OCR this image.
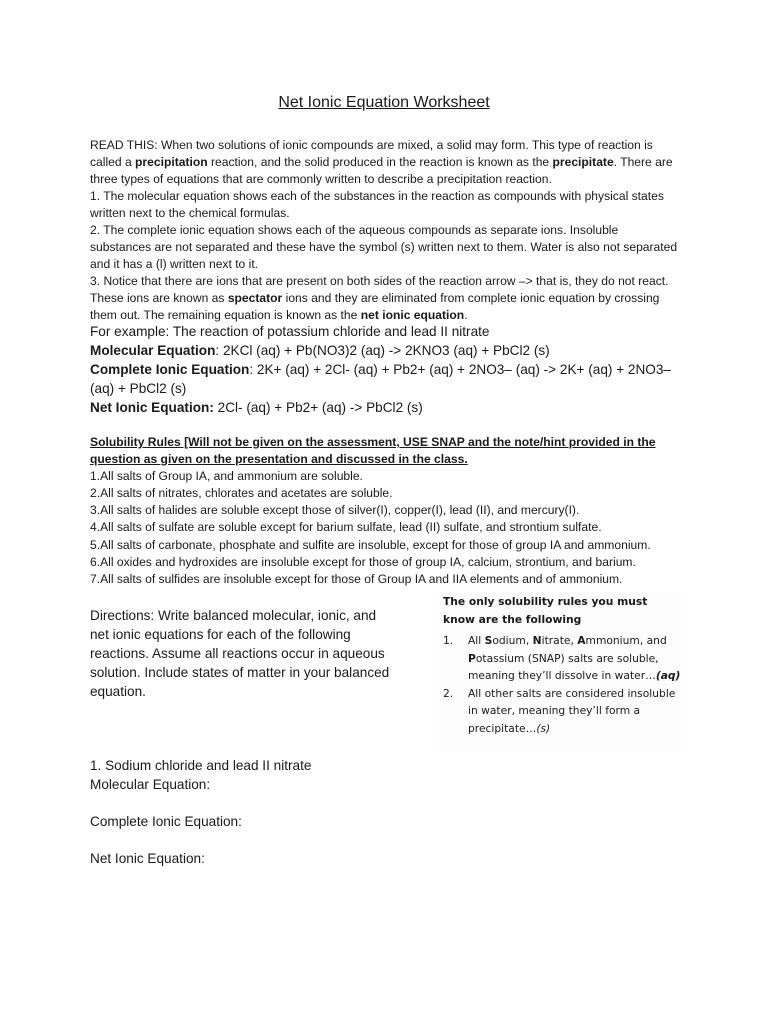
Net Ionic Equation Worksheet

READ THIS: When two solutions of ionic compounds are mixed, a solid may form. This type of reaction is called a precipitation reaction, and the solid produced in the reaction is known as the precipitate. There are three types of equations that are commonly written to describe a precipitation reaction.

1. The molecular equation shows each of the substances in the reaction as compounds with physical states written next to the chemical formulas.

2. The complete ionic equation shows each of the aqueous compounds as separate ions. Insoluble substances are not separated and these have the symbol (s) written next to them. Water is also not separated and it has a (l) written next to it.

3. Notice that there are ions that are present on both sides of the reaction arrow –> that is, they do not react. These ions are known as spectator ions and they are eliminated from complete ionic equation by crossing them out. The remaining equation is known as the net ionic equation.

For example: The reaction of potassium chloride and lead II nitrate

Molecular Equation: 2KCl (aq) + Pb(NO3)2 (aq) -> 2KNO3 (aq) + PbCl2 (s)

Complete Ionic Equation: 2K+ (aq) + 2Cl- (aq) + Pb2+ (aq) + 2NO3– (aq) -> 2K+ (aq) + 2NO3– (aq) + PbCl2 (s)

Net Ionic Equation: 2Cl- (aq) + Pb2+ (aq) -> PbCl2 (s)

Solubility Rules [Will not be given on the assessment, USE SNAP and the note/hint provided in the question as given on the presentation and discussed in the class.

1.All salts of Group IA, and ammonium are soluble.

2.All salts of nitrates, chlorates and acetates are soluble.

3.All salts of halides are soluble except those of silver(I), copper(I), lead (II), and mercury(I).

4.All salts of sulfate are soluble except for barium sulfate, lead (II) sulfate, and strontium sulfate.

5.All salts of carbonate, phosphate and sulfite are insoluble, except for those of group IA and ammonium.

6.All oxides and hydroxides are insoluble except for those of group IA, calcium, strontium, and barium.

7.All salts of sulfides are insoluble except for those of Group IA and IIA elements and of ammonium.

Directions: Write balanced molecular, ionic, and net ionic equations for each of the following reactions. Assume all reactions occur in aqueous solution. Include states of matter in your balanced equation.
The only solubility rules you must know are the following
1. All Sodium, Nitrate, Ammonium, and Potassium (SNAP) salts are soluble, meaning they’ll dissolve in water…(aq)
2. All other salts are considered insoluble in water, meaning they’ll form a precipitate…(s)

1. Sodium chloride and lead II nitrate

Molecular Equation:

Complete Ionic Equation:

Net Ionic Equation:
